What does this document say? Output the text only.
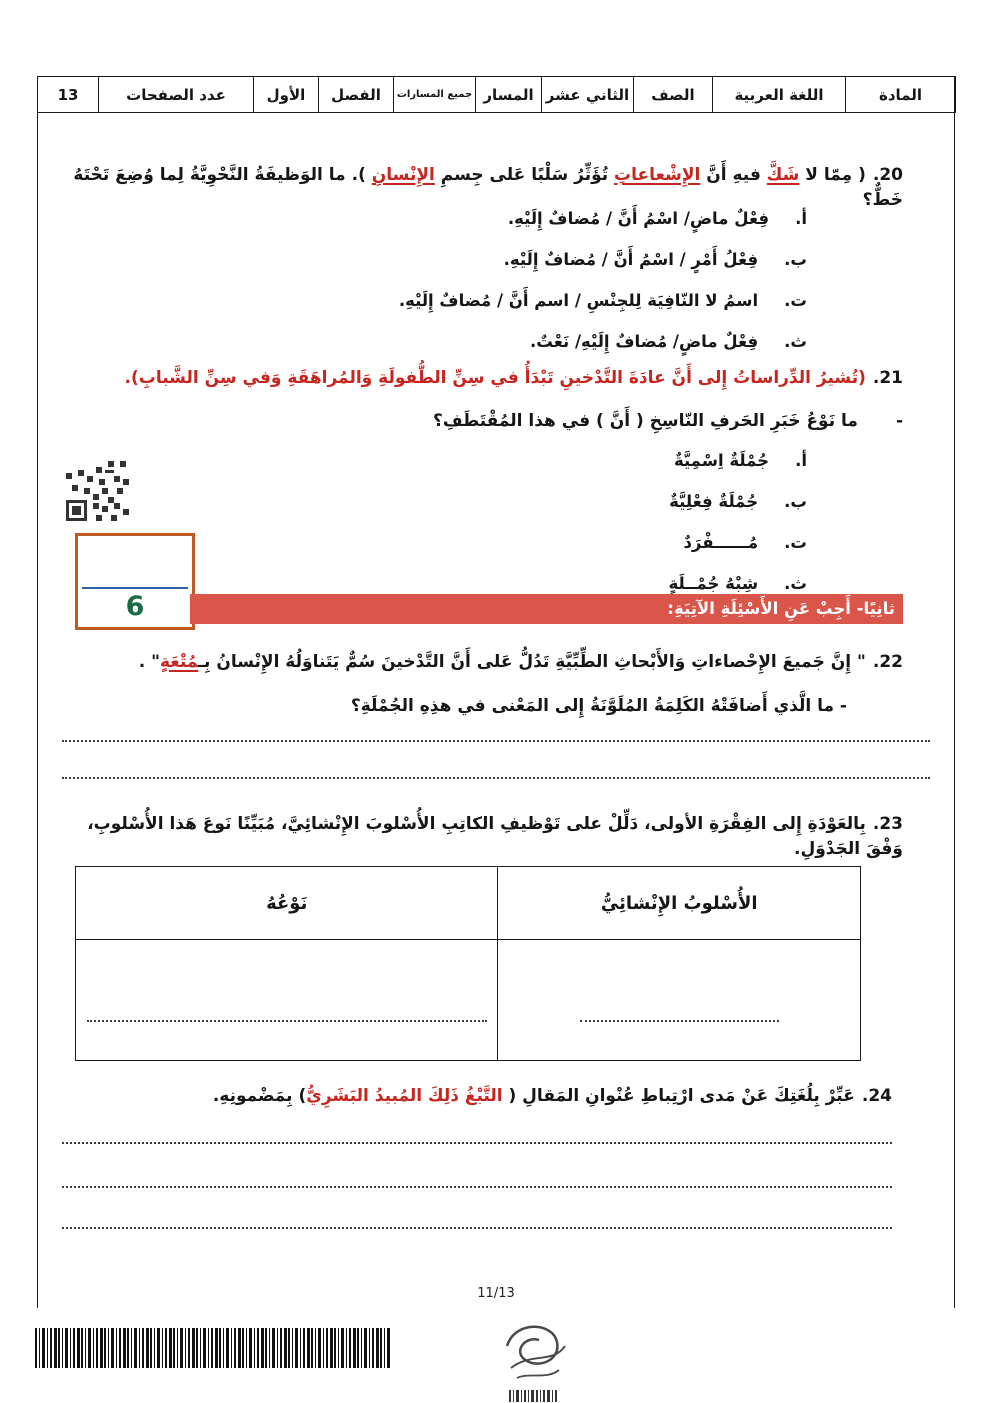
المادة	اللغة العربية	الصف	الثاني عشر	المسار	جميع المسارات	الفصل	الأول	عدد الصفحات	13
20.( مِمّا لا شَكَّ فيهِ أَنَّ الإِشْعاعاتِ تُؤَثِّرُ سَلْبًا عَلى جِسمِ الإِنْسانِ ). ما الوَظيفَةُ النَّحْوِيَّةُ لِما وُضِعَ تَحْتَهُ خَطٌّ؟
أ.
فِعْلٌ ماضٍ/ اسْمُ أَنَّ / مُضافٌ إِلَيْهِ.
ب.
فِعْلُ أَمْرٍ / اسْمُ أَنَّ / مُضافٌ إِلَيْهِ.
ت.
اسمُ لا النّافِيَة لِلجِنْسِ / اسم أَنَّ / مُضافٌ إِلَيْهِ.
ث.
فِعْلٌ ماضٍ/ مُضافٌ إِلَيْهِ/ نَعْتٌ.
21.(تُشيرُ الدِّراساتُ إِلى أَنَّ عادَةَ التَّدْخينِ تَبْدَأُ في سِنِّ الطُّفولَةِ وَالمُراهَقَةِ وَفي سِنِّ الشَّبابِ).
-ما نَوْعُ خَبَرِ الحَرفِ النّاسِخِ ( أَنَّ ) في هذا المُقْتَطَفِ؟
أ.
جُمْلَةٌ اِسْمِيَّةٌ
ب.
جُمْلَةٌ فِعْلِيَّةٌ
ت.
مُــــــفْرَدٌ
ث.
شِبْهُ جُمْــلَةٍ
6	ثانِيًا- أَجِبْ عَنِ الأَسْئِلَةِ الآتِيَةِ:
22." إِنَّ جَميعَ الإِحْصاءاتِ وَالأَبْحاثِ الطِّبِّيَّةِ تَدُلُّ عَلى أَنَّ التَّدْخينَ سُمٌّ يَتَناوَلُهُ الإِنْسانُ بِـمُتْعَةٍ" .
- ما الَّذي أَضافَتْهُ الكَلِمَةُ المُلَوَّنَةُ إِلى المَعْنى في هذِهِ الجُمْلَةِ؟
23.بِالعَوْدَةِ إِلى الفِقْرَةِ الأولى، دَلِّلْ على تَوْظيفِ الكاتِبِ الأُسْلوبَ الإِنْشائِيَّ، مُبَيِّنًا نَوعَ هَذا الأُسْلوبِ، وَفْقَ الجَدْوَلِ.
الأُسْلوبُ الإِنْشائِيُّ	نَوْعُهُ

24.عَبِّرْ بِلُغَتِكَ عَنْ مَدى ارْتِباطِ عُنْوانِ المَقالِ ( التَّبْغُ ذَلِكَ المُبيدُ البَشَرِيُّ) بِمَضْمونِهِ.
11/13
